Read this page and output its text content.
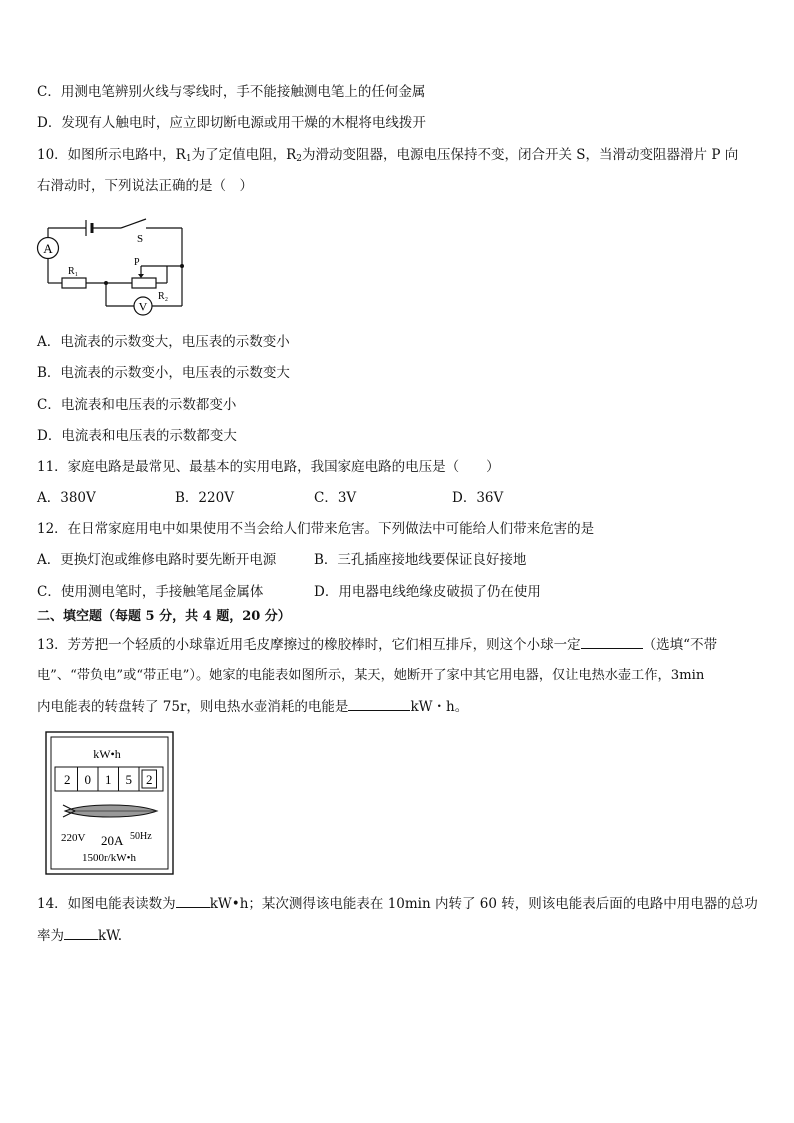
C．用测电笔辨别火线与零线时，手不能接触测电笔上的任何金属
D．发现有人触电时，应立即切断电源或用干燥的木棍将电线拨开
10．如图所示电路中，$R_1$为了定值电阻，$R_2$为滑动变阻器，电源电压保持不变，闭合开关 S，当滑动变阻器滑片 P 向
右滑动时，下列说法正确的是（　）
A
S
R₁
P
R₂
V
A．电流表的示数变大，电压表的示数变小
B．电流表的示数变小，电压表的示数变大
C．电流表和电压表的示数都变小
D．电流表和电压表的示数都变大
11．家庭电路是最常见、最基本的实用电路，我国家庭电路的电压是（　　）
A．380V	B．220V	C．3V	D．36V
12．在日常家庭用电中如果使用不当会给人们带来危害。下列做法中可能给人们带来危害的是
A．更换灯泡或维修电路时要先断开电源	B．三孔插座接地线要保证良好接地
C．使用测电笔时，手接触笔尾金属体	D．用电器电线绝缘皮破损了仍在使用
二、填空题（每题 5 分，共 4 题，20 分）
13．芳芳把一个轻质的小球靠近用毛皮摩擦过的橡胶棒时，它们相互排斥，则这个小球一定	（选填“不带
电”、“带负电”或“带正电”）。她家的电能表如图所示，某天，她断开了家中其它用电器，仅让电热水壶工作，3min
内电能表的转盘转了 75r，则电热水壶消耗的电能是	kW・h。
kW•h
2 0 1 5 2
220V 20A 50Hz
1500r/kW•h
14．如图电能表读数为	kW•h；某次测得该电能表在 10min 内转了 60 转，则该电能表后面的电路中用电器的总功
率为	kW.
